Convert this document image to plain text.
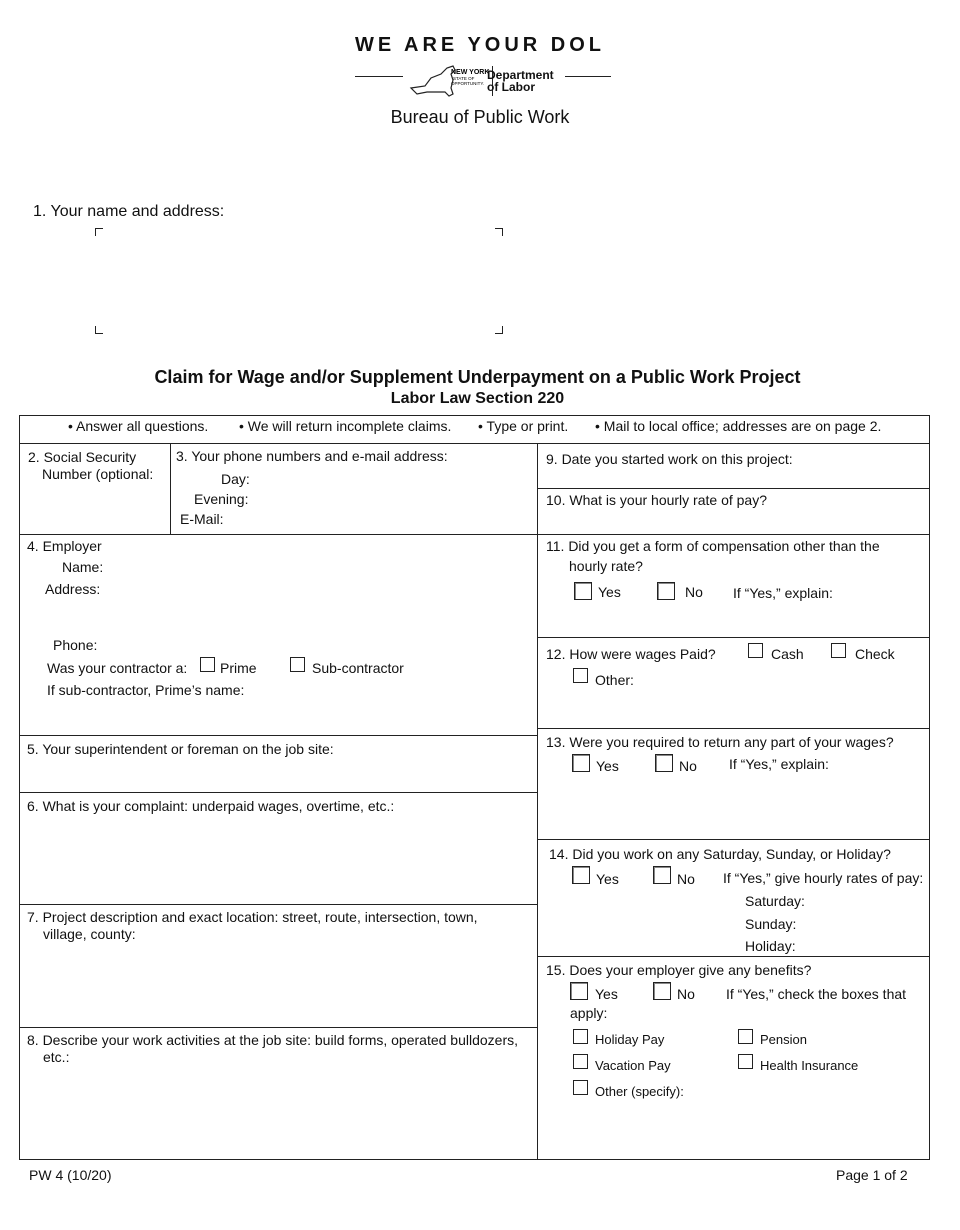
WE ARE YOUR DOL
NEW YORK
STATE OF
OPPORTUNITY.
Department
of Labor
Bureau of Public Work
1. Your name and address:
Claim for Wage and/or Supplement Underpayment on a Public Work Project
Labor Law Section 220
• Answer all questions. • We will return incomplete claims. • Type or print. • Mail to local office; addresses are on page 2.
2. Social Security
Number (optional:
3. Your phone numbers and e-mail address:
Day:
Evening:
E-Mail:
4. Employer
Name:
Address:
Phone:
Was your contractor a: Prime	Sub-contractor
If sub-contractor, Prime’s name:
5. Your superintendent or foreman on the job site:
6. What is your complaint: underpaid wages, overtime, etc.:
7. Project description and exact location: street, route, intersection, town,
village, county:
8. Describe your work activities at the job site: build forms, operated bulldozers,
etc.:
9. Date you started work on this project:
10. What is your hourly rate of pay?
11. Did you get a form of compensation other than the
hourly rate?
Yes	No If “Yes,” explain:
12. How were wages Paid?	Cash	Check
Other:
13. Were you required to return any part of your wages?
Yes	No If “Yes,” explain:
14. Did you work on any Saturday, Sunday, or Holiday?
Yes	No If “Yes,” give hourly rates of pay:
Saturday:
Sunday:
Holiday:
15. Does your employer give any benefits?
Yes	No If “Yes,” check the boxes that
apply:
Holiday Pay	Pension
Vacation Pay	Health Insurance
Other (specify):
PW 4 (10/20)	Page 1 of 2
